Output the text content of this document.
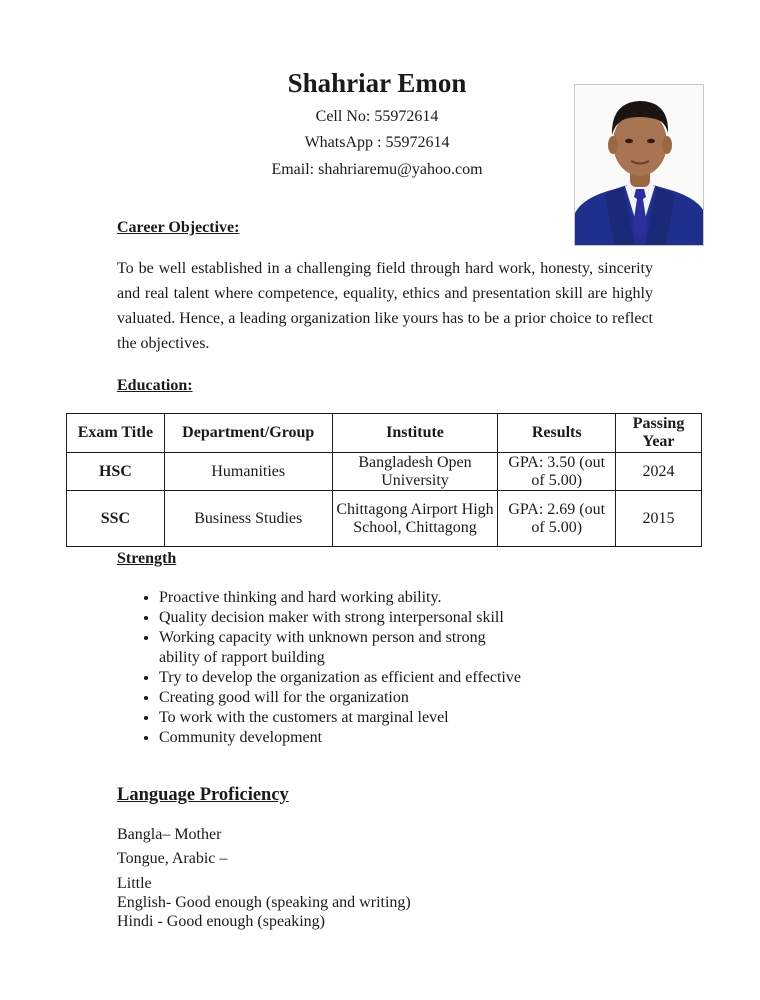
Shahriar Emon
Cell No: 55972614
WhatsApp : 55972614
Email: shahriaremu@yahoo.com
Career Objective:
To be well established in a challenging field through hard work, honesty, sincerity and real talent where competence, equality, ethics and presentation skill are highly valuated. Hence, a leading organization like yours has to be a prior choice to reflect the objectives.
Education:
Exam Title	Department/Group	Institute	Results	Passing Year
HSC	Humanities	Bangladesh Open University	GPA: 3.50 (out of 5.00)	2024
SSC	Business Studies	Chittagong Airport High School, Chittagong	GPA: 2.69 (out of 5.00)	2015
Strength
• Proactive thinking and hard working ability.
• Quality decision maker with strong interpersonal skill
• Working capacity with unknown person and strong ability of rapport building
• Try to develop the organization as efficient and effective
• Creating good will for the organization
• To work with the customers at marginal level
• Community development
Language Proficiency
Bangla– Mother
Tongue, Arabic –
Little
English- Good enough (speaking and writing)
Hindi - Good enough (speaking)
